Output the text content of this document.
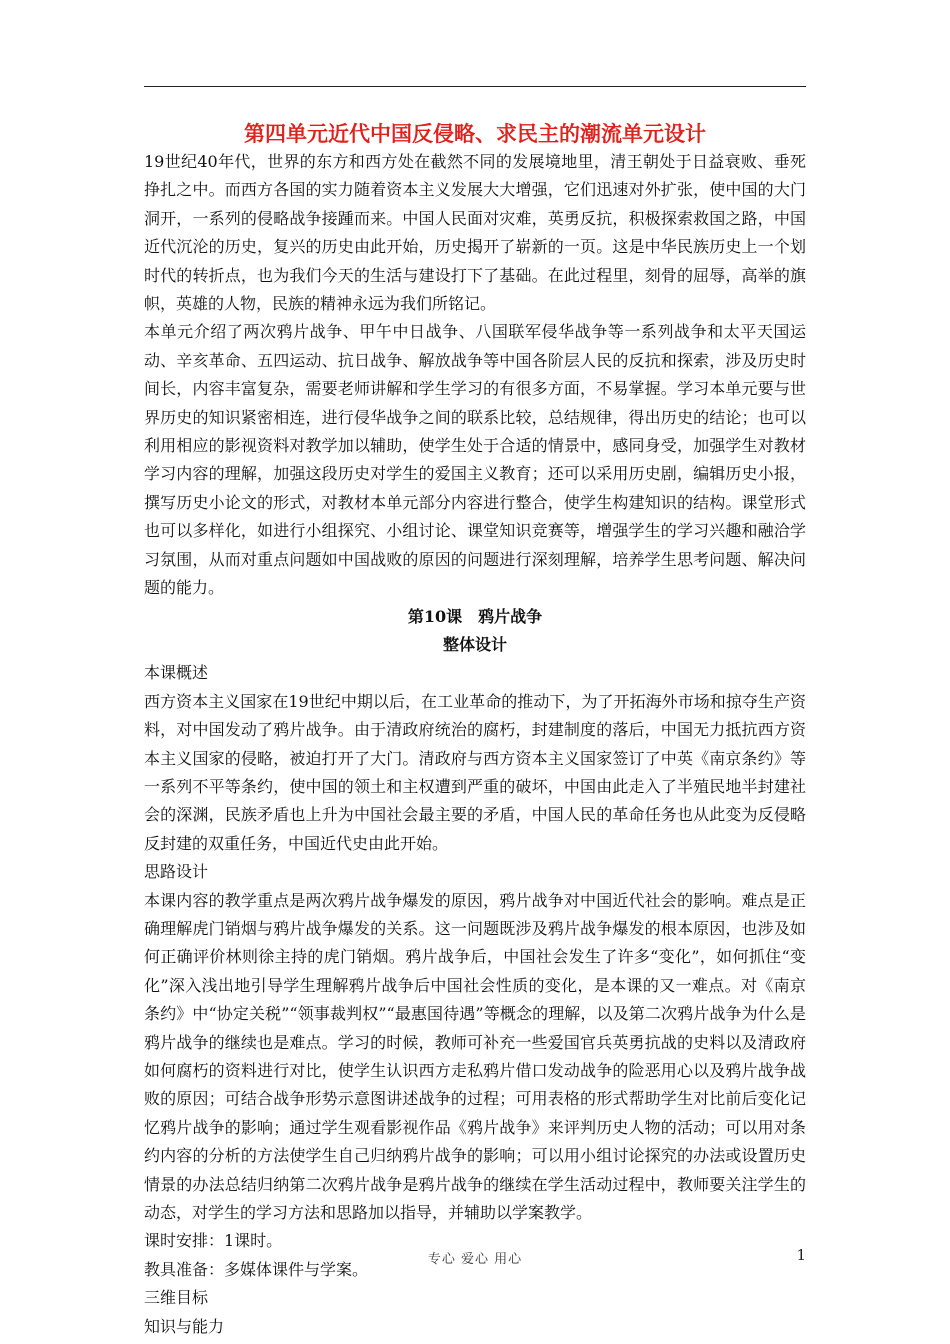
第四单元近代中国反侵略、求民主的潮流单元设计

19世纪40年代，世界的东方和西方处在截然不同的发展境地里，清王朝处于日益衰败、垂死挣扎之中。而西方各国的实力随着资本主义发展大大增强，它们迅速对外扩张，使中国的大门洞开，一系列的侵略战争接踵而来。中国人民面对灾难，英勇反抗，积极探索救国之路，中国近代沉沦的历史，复兴的历史由此开始，历史揭开了崭新的一页。这是中华民族历史上一个划时代的转折点，也为我们今天的生活与建设打下了基础。在此过程里，刻骨的屈辱，高举的旗帜，英雄的人物，民族的精神永远为我们所铭记。

本单元介绍了两次鸦片战争、甲午中日战争、八国联军侵华战争等一系列战争和太平天国运动、辛亥革命、五四运动、抗日战争、解放战争等中国各阶层人民的反抗和探索，涉及历史时间长，内容丰富复杂，需要老师讲解和学生学习的有很多方面，不易掌握。学习本单元要与世界历史的知识紧密相连，进行侵华战争之间的联系比较，总结规律，得出历史的结论；也可以利用相应的影视资料对教学加以辅助，使学生处于合适的情景中，感同身受，加强学生对教材学习内容的理解，加强这段历史对学生的爱国主义教育；还可以采用历史剧，编辑历史小报，撰写历史小论文的形式，对教材本单元部分内容进行整合，使学生构建知识的结构。课堂形式也可以多样化，如进行小组探究、小组讨论、课堂知识竞赛等，增强学生的学习兴趣和融洽学习氛围，从而对重点问题如中国战败的原因的问题进行深刻理解，培养学生思考问题、解决问题的能力。

第10课　鸦片战争

整体设计

本课概述

西方资本主义国家在19世纪中期以后，在工业革命的推动下，为了开拓海外市场和掠夺生产资料，对中国发动了鸦片战争。由于清政府统治的腐朽，封建制度的落后，中国无力抵抗西方资本主义国家的侵略，被迫打开了大门。清政府与西方资本主义国家签订了中英《南京条约》等一系列不平等条约，使中国的领土和主权遭到严重的破坏，中国由此走入了半殖民地半封建社会的深渊，民族矛盾也上升为中国社会最主要的矛盾，中国人民的革命任务也从此变为反侵略反封建的双重任务，中国近代史由此开始。

思路设计

本课内容的教学重点是两次鸦片战争爆发的原因，鸦片战争对中国近代社会的影响。难点是正确理解虎门销烟与鸦片战争爆发的关系。这一问题既涉及鸦片战争爆发的根本原因，也涉及如何正确评价林则徐主持的虎门销烟。鸦片战争后，中国社会发生了许多“变化”，如何抓住“变化”深入浅出地引导学生理解鸦片战争后中国社会性质的变化，是本课的又一难点。对《南京条约》中“协定关税”“领事裁判权”“最惠国待遇”等概念的理解，以及第二次鸦片战争为什么是鸦片战争的继续也是难点。学习的时候，教师可补充一些爱国官兵英勇抗战的史料以及清政府如何腐朽的资料进行对比，使学生认识西方走私鸦片借口发动战争的险恶用心以及鸦片战争战败的原因；可结合战争形势示意图讲述战争的过程；可用表格的形式帮助学生对比前后变化记忆鸦片战争的影响；通过学生观看影视作品《鸦片战争》来评判历史人物的活动；可以用对条约内容的分析的方法使学生自己归纳鸦片战争的影响；可以用小组讨论探究的办法或设置历史情景的办法总结归纳第二次鸦片战争是鸦片战争的继续在学生活动过程中，教师要关注学生的动态，对学生的学习方法和思路加以指导，并辅助以学案教学。

课时安排：1课时。

教具准备：多媒体课件与学案。

三维目标

知识与能力

专心 爱心 用心	1
